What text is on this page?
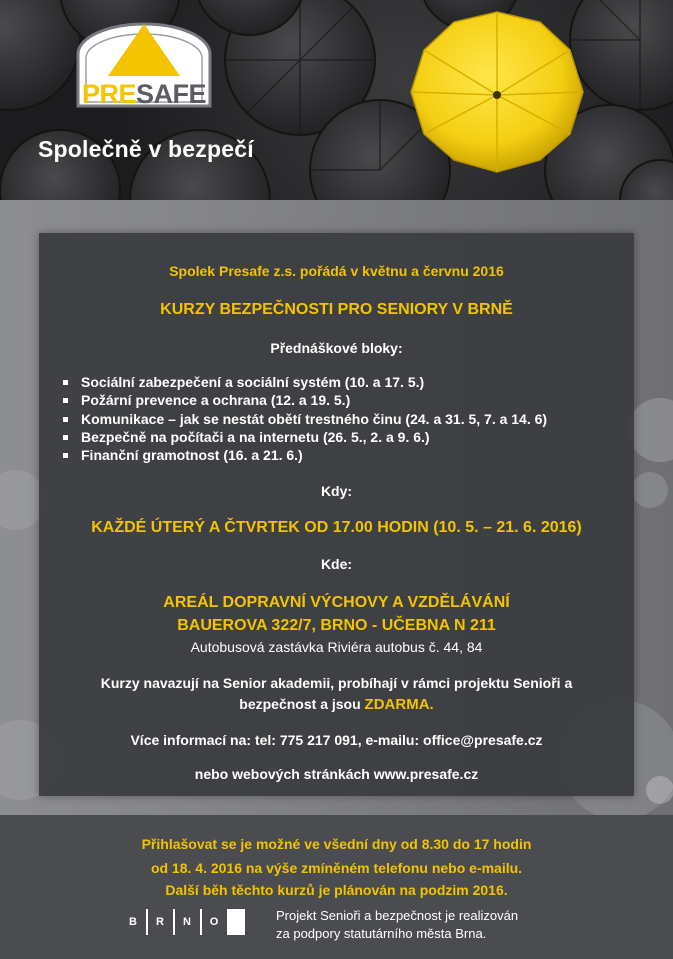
PRESAFE
Společně v bezpečí
Spolek Presafe z.s. pořádá v květnu a červnu 2016
KURZY BEZPEČNOSTI PRO SENIORY V BRNĚ
Přednáškové bloky:
Sociální zabezpečení a sociální systém (10. a 17. 5.)
Požární prevence a ochrana (12. a 19. 5.)
Komunikace – jak se nestát obětí trestného činu (24. a 31. 5, 7. a 14. 6)
Bezpečně na počítači a na internetu (26. 5., 2. a 9. 6.)
Finanční gramotnost (16. a 21. 6.)
Kdy:
KAŽDÉ ÚTERÝ A ČTVRTEK OD 17.00 HODIN (10. 5. – 21. 6. 2016)
Kde:
AREÁL DOPRAVNÍ VÝCHOVY A VZDĚLÁVÁNÍ
BAUEROVA 322/7, BRNO - UČEBNA N 211
Autobusová zastávka Riviéra autobus č. 44, 84
Kurzy navazují na Senior akademii, probíhají v rámci projektu Senioři a
bezpečnost a jsou ZDARMA.
Více informací na: tel: 775 217 091, e-mailu: office@presafe.cz
nebo webových stránkách www.presafe.cz
Přihlašovat se je možné ve všední dny od 8.30 do 17 hodin
od 18. 4. 2016 na výše zmíněném telefonu nebo e-mailu.
Další běh těchto kurzů je plánován na podzim 2016.
B	R	N	O	Projekt Senioři a bezpečnost je realizován
za podpory statutárního města Brna.
